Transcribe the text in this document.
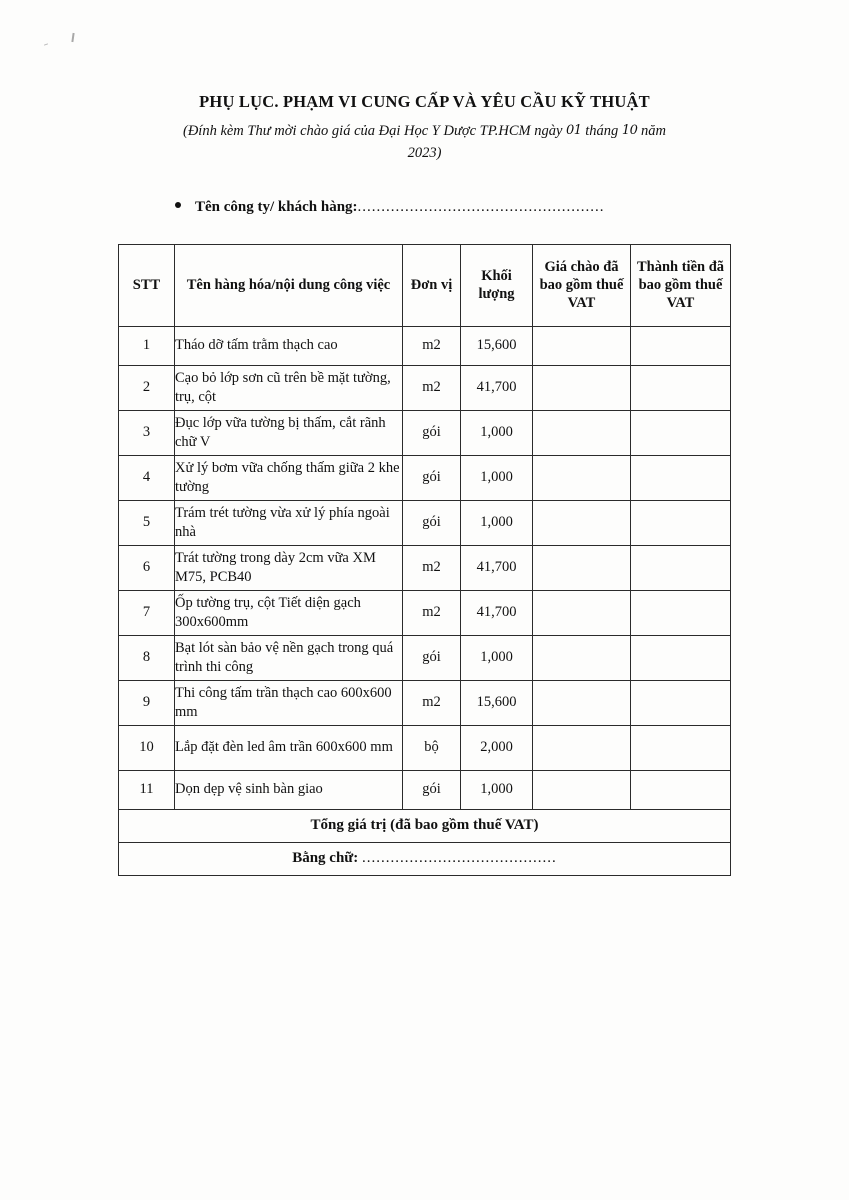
PHỤ LỤC. PHẠM VI CUNG CẤP VÀ YÊU CẦU KỸ THUẬT
(Đính kèm Thư mời chào giá của Đại Học Y Dược TP.HCM ngày 01 tháng 10 năm
2023)
Tên công ty/ khách hàng: ....................................................
STT	Tên hàng hóa/nội dung công việc	Đơn vị	Khối lượng	Giá chào đã bao gồm thuế VAT	Thành tiền đã bao gồm thuế VAT
1	Tháo dỡ tấm trằm thạch cao	m2	15,600		
2	Cạo bỏ lớp sơn cũ trên bề mặt tường, trụ, cột	m2	41,700		
3	Đục lớp vữa tường bị thấm, cắt rãnh chữ V	gói	1,000		
4	Xử lý bơm vữa chống thấm giữa 2 khe tường	gói	1,000		
5	Trám trét tường vừa xử lý phía ngoài nhà	gói	1,000		
6	Trát tường trong dày 2cm vữa XM M75, PCB40	m2	41,700		
7	Ốp tường trụ, cột Tiết diện gạch 300x600mm	m2	41,700		
8	Bạt lót sàn bảo vệ nền gạch trong quá trình thi công	gói	1,000		
9	Thi công tấm trần thạch cao 600x600 mm	m2	15,600		
10	Lắp đặt đèn led âm trần 600x600 mm	bộ	2,000		
11	Dọn dẹp vệ sinh bàn giao	gói	1,000		
Tổng giá trị (đã bao gồm thuế VAT)					
Bằng chữ: .........................................					
